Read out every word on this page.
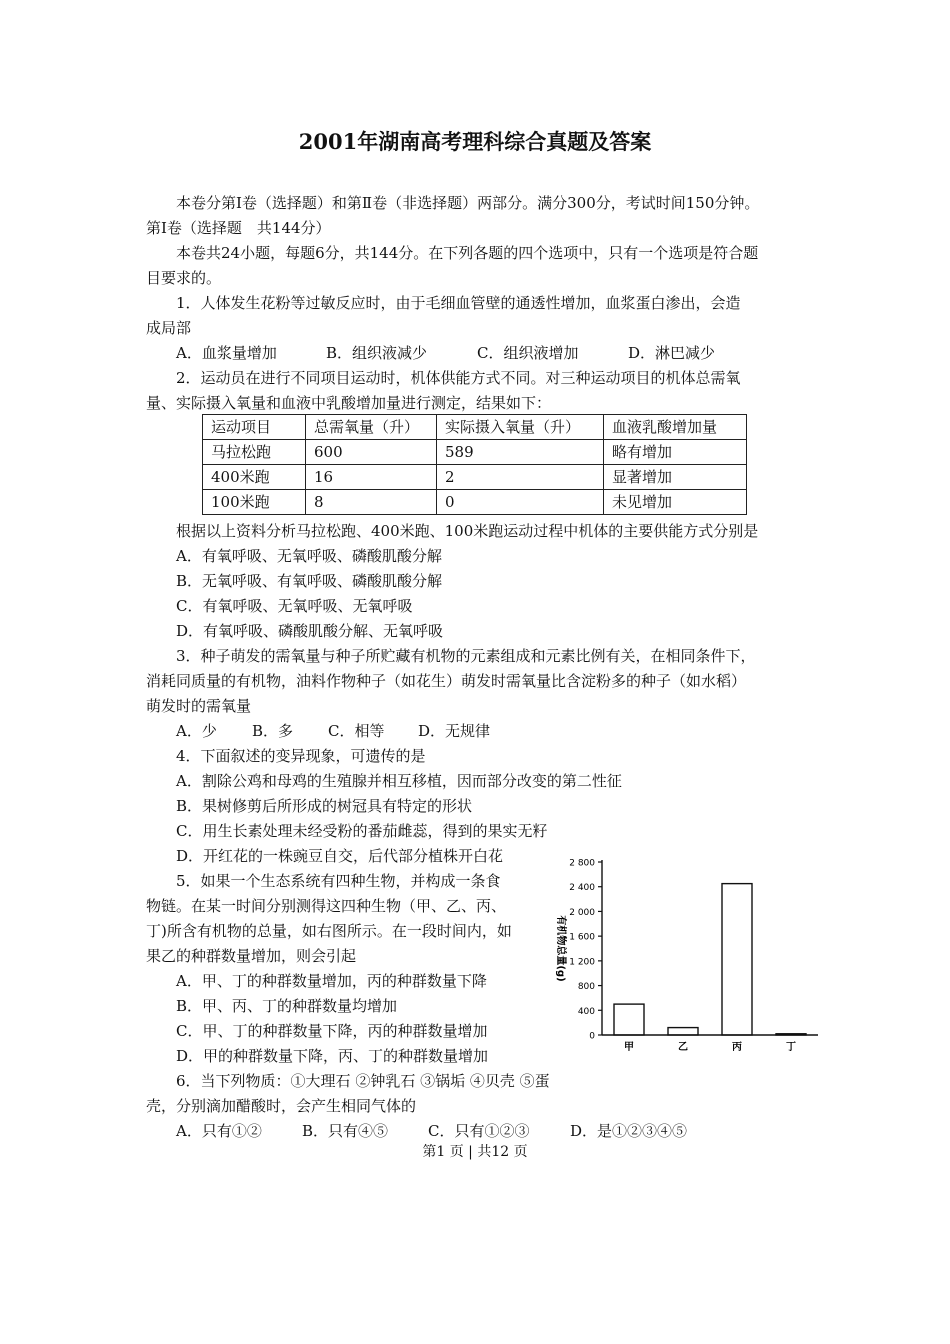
2001年湖南高考理科综合真题及答案
本卷分第Ⅰ卷（选择题）和第Ⅱ卷（非选择题）两部分。满分300分，考试时间150分钟。
第Ⅰ卷（选择题　共144分）
本卷共24小题，每题6分，共144分。在下列各题的四个选项中，只有一个选项是符合题
目要求的。
1．人体发生花粉等过敏反应时，由于毛细血管壁的通透性增加，血浆蛋白渗出，会造
成局部
A．血浆量增加	B．组织液减少	C．组织液增加	D．淋巴减少
2．运动员在进行不同项目运动时，机体供能方式不同。对三种运动项目的机体总需氧
量、实际摄入氧量和血液中乳酸增加量进行测定，结果如下：
运动项目	总需氧量（升）	实际摄入氧量（升）	血液乳酸增加量
马拉松跑	600	589	略有增加
400米跑	16	2	显著增加
100米跑	8	0	未见增加
根据以上资料分析马拉松跑、400米跑、100米跑运动过程中机体的主要供能方式分别是
A．有氧呼吸、无氧呼吸、磷酸肌酸分解
B．无氧呼吸、有氧呼吸、磷酸肌酸分解
C．有氧呼吸、无氧呼吸、无氧呼吸
D．有氧呼吸、磷酸肌酸分解、无氧呼吸
3．种子萌发的需氧量与种子所贮藏有机物的元素组成和元素比例有关，在相同条件下，
消耗同质量的有机物，油料作物种子（如花生）萌发时需氧量比含淀粉多的种子（如水稻）
萌发时的需氧量
A．少 B．多 C．相等 D．无规律
4．下面叙述的变异现象，可遗传的是
A．割除公鸡和母鸡的生殖腺并相互移植，因而部分改变的第二性征
B．果树修剪后所形成的树冠具有特定的形状
C．用生长素处理未经受粉的番茄雌蕊，得到的果实无籽
D．开红花的一株豌豆自交，后代部分植株开白花
5．如果一个生态系统有四种生物，并构成一条食
物链。在某一时间分别测得这四种生物（甲、乙、丙、
丁)所含有机物的总量，如右图所示。在一段时间内，如
果乙的种群数量增加，则会引起
A．甲、丁的种群数量增加，丙的种群数量下降
B．甲、丙、丁的种群数量均增加
C．甲、丁的种群数量下降，丙的种群数量增加
D．甲的种群数量下降，丙、丁的种群数量增加
6．当下列物质：①大理石 ②钟乳石 ③锅垢 ④贝壳 ⑤蛋
壳，分别滴加醋酸时，会产生相同气体的
A．只有①②	B．只有④⑤	C．只有①②③	D．是①②③④⑤
第1 页 | 共12 页
0
400
800
1 200
1 600
2 000
2 400
2 800
甲	乙	丙	丁
有机物总量(g)
